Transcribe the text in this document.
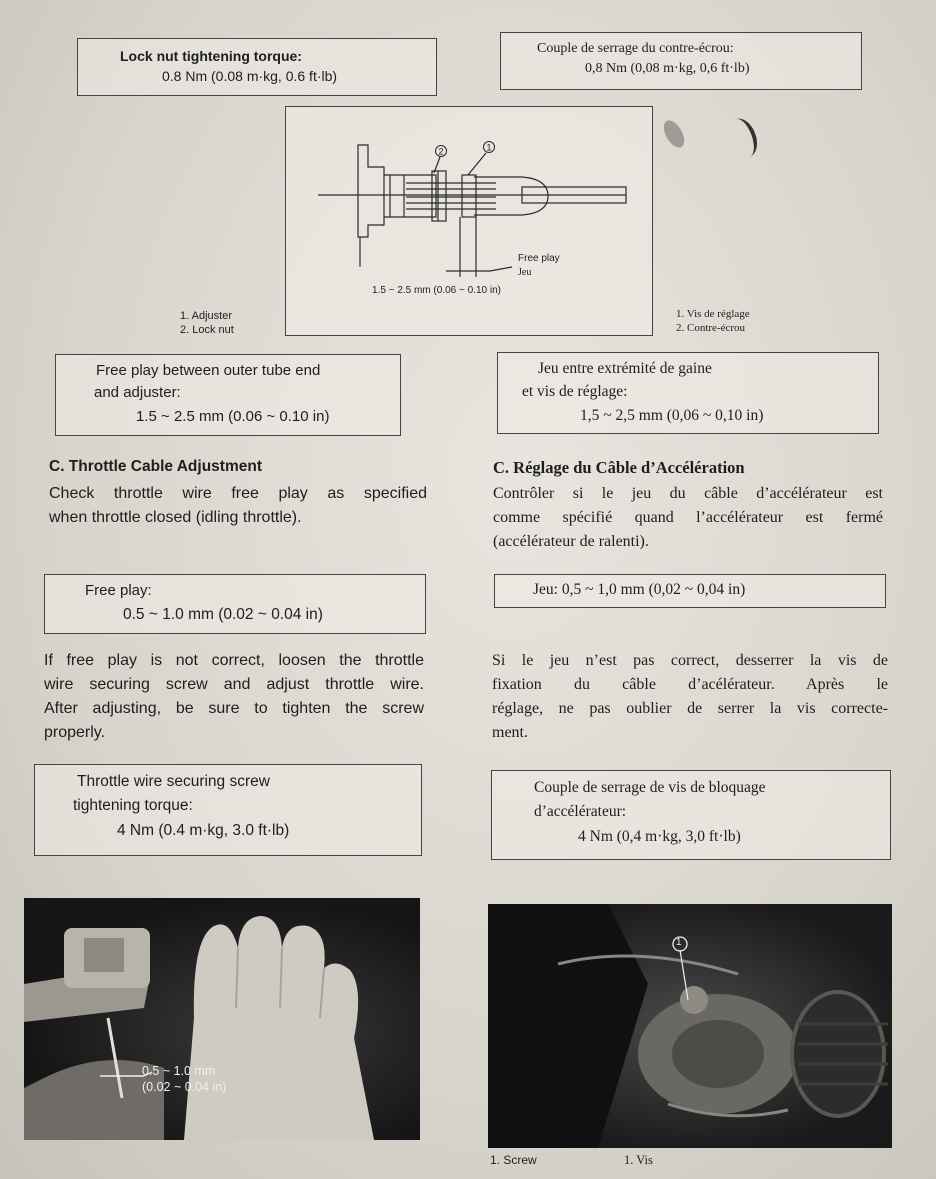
Lock nut tightening torque:
0.8 Nm (0.08 m·kg, 0.6 ft·lb)
Couple de serrage du contre-écrou:
0,8 Nm (0,08 m·kg, 0,6 ft·lb)
2	1
Free play
Jeu
1.5 ~ 2.5 mm (0.06 ~ 0.10 in)
1. Adjuster
2. Lock nut
1. Vis de réglage
2. Contre-écrou
Free play between outer tube end
and adjuster:
1.5 ~ 2.5 mm (0.06 ~ 0.10 in)
Jeu entre extrémité de gaine
et vis de réglage:
1,5 ~ 2,5 mm (0,06 ~ 0,10 in)
C. Throttle Cable Adjustment
Check throttle wire free play as specified
when throttle closed (idling throttle).
C. Réglage du Câble d’Accélération
Contrôler si le jeu du câble d’accélérateur est
comme spécifié quand l’accélérateur est fermé
(accélérateur de ralenti).
Free play:
0.5 ~ 1.0 mm (0.02 ~ 0.04 in)
Jeu: 0,5 ~ 1,0 mm (0,02 ~ 0,04 in)
If free play is not correct, loosen the throttle
wire securing screw and adjust throttle wire.
After adjusting, be sure to tighten the screw
properly.
Si le jeu n’est pas correct, desserrer la vis de
fixation du câble d’acélérateur. Après le
réglage, ne pas oublier de serrer la vis correcte-
ment.
Throttle wire securing screw
tightening torque:
4 Nm (0.4 m·kg, 3.0 ft·lb)
Couple de serrage de vis de bloquage
d’accélérateur:
4 Nm (0,4 m·kg, 3,0 ft·lb)
0.5 ~ 1.0 mm
(0.02 ~ 0.04 in)
1
1. Screw	1. Vis
